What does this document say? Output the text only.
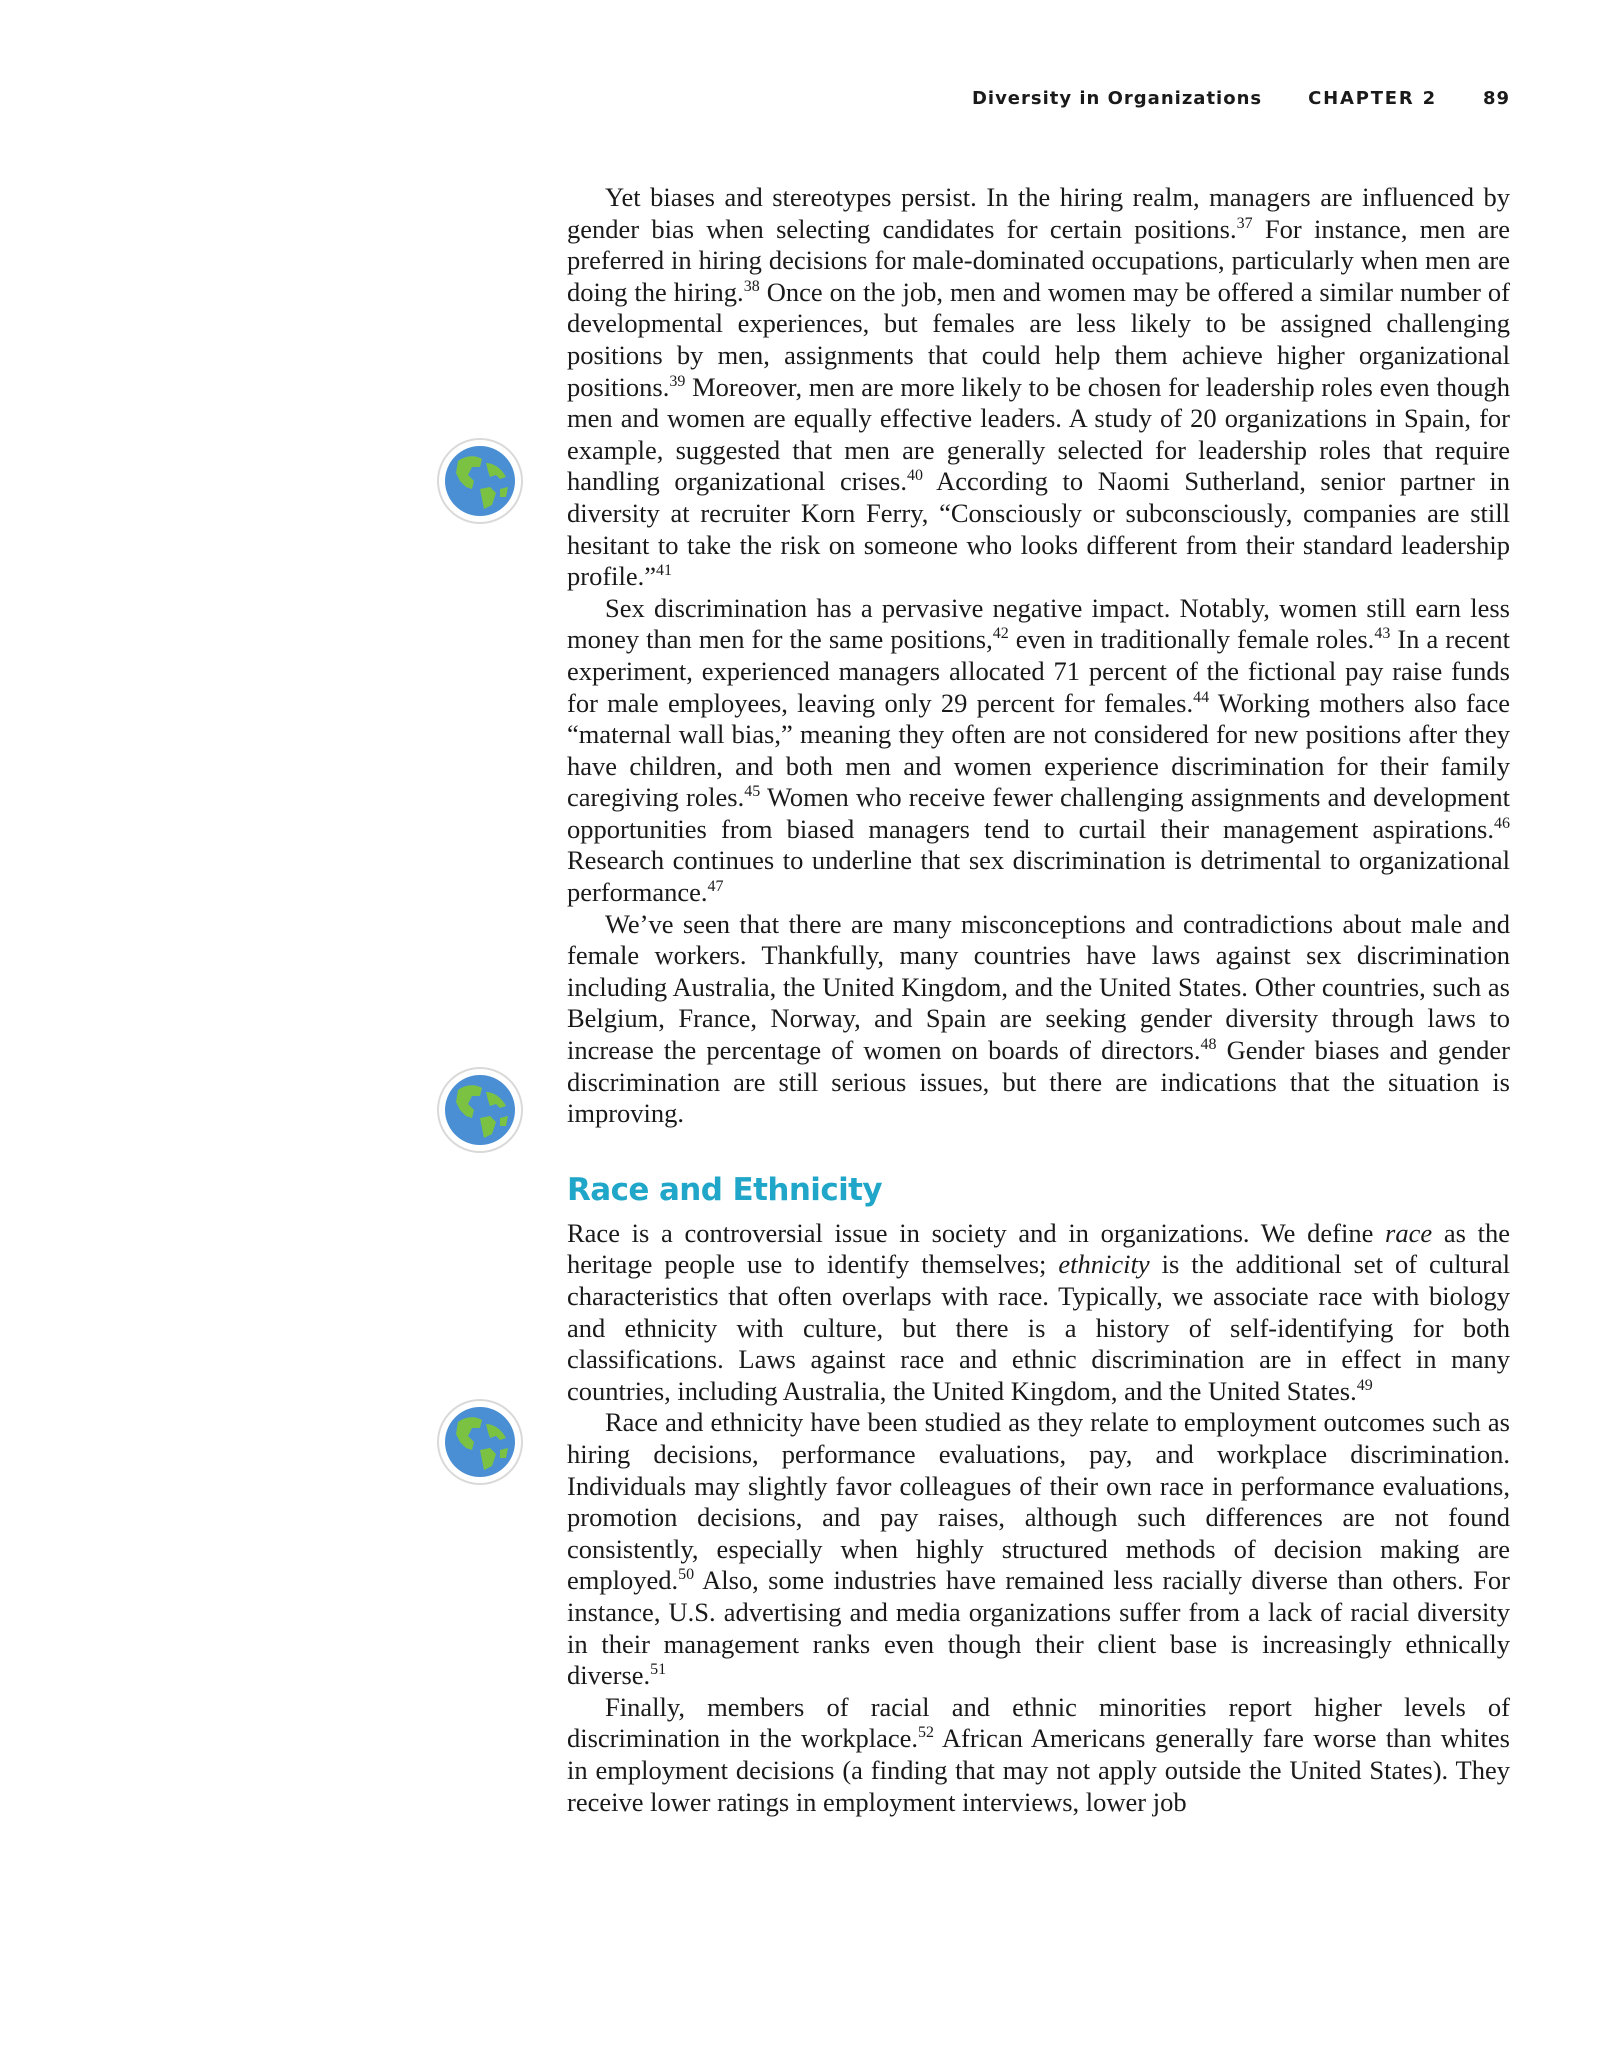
Diversity in Organizations	CHAPTER 2	89

Yet biases and stereotypes persist. In the hiring realm, managers are influenced by gender bias when selecting candidates for certain positions.$^{37}$ For instance, men are preferred in hiring decisions for male-dominated occupations, particularly when men are doing the hiring.$^{38}$ Once on the job, men and women may be offered a similar number of developmental experiences, but females are less likely to be assigned challenging positions by men, assignments that could help them achieve higher organizational positions.$^{39}$ Moreover, men are more likely to be chosen for leadership roles even though men and women are equally effective leaders. A study of 20 organizations in Spain, for example, suggested that men are generally selected for leadership roles that require handling organizational crises.$^{40}$ According to Naomi Sutherland, senior partner in diversity at recruiter Korn Ferry, “Consciously or subconsciously, companies are still hesitant to take the risk on someone who looks different from their standard leadership profile.”$^{41}$

Sex discrimination has a pervasive negative impact. Notably, women still earn less money than men for the same positions,$^{42}$ even in traditionally female roles.$^{43}$ In a recent experiment, experienced managers allocated 71 percent of the fictional pay raise funds for male employees, leaving only 29 percent for females.$^{44}$ Working mothers also face “maternal wall bias,” meaning they often are not considered for new positions after they have children, and both men and women experience discrimination for their family caregiving roles.$^{45}$ Women who receive fewer challenging assignments and development opportunities from biased managers tend to curtail their management aspirations.$^{46}$ Research continues to underline that sex discrimination is detrimental to organizational performance.$^{47}$

We’ve seen that there are many misconceptions and contradictions about male and female workers. Thankfully, many countries have laws against sex discrimination including Australia, the United Kingdom, and the United States. Other countries, such as Belgium, France, Norway, and Spain are seeking gender diversity through laws to increase the percentage of women on boards of directors.$^{48}$ Gender biases and gender discrimination are still serious issues, but there are indications that the situation is improving.

Race and Ethnicity

Race is a controversial issue in society and in organizations. We define race as the heritage people use to identify themselves; ethnicity is the additional set of cultural characteristics that often overlaps with race. Typically, we associate race with biology and ethnicity with culture, but there is a history of self-identifying for both classifications. Laws against race and ethnic discrimination are in effect in many countries, including Australia, the United Kingdom, and the United States.$^{49}$

Race and ethnicity have been studied as they relate to employment outcomes such as hiring decisions, performance evaluations, pay, and workplace discrimination. Individuals may slightly favor colleagues of their own race in performance evaluations, promotion decisions, and pay raises, although such differences are not found consistently, especially when highly structured methods of decision making are employed.$^{50}$ Also, some industries have remained less racially diverse than others. For instance, U.S. advertising and media organizations suffer from a lack of racial diversity in their management ranks even though their client base is increasingly ethnically diverse.$^{51}$

Finally, members of racial and ethnic minorities report higher levels of discrimination in the workplace.$^{52}$ African Americans generally fare worse than whites in employment decisions (a finding that may not apply outside the United States). They receive lower ratings in employment interviews, lower job
